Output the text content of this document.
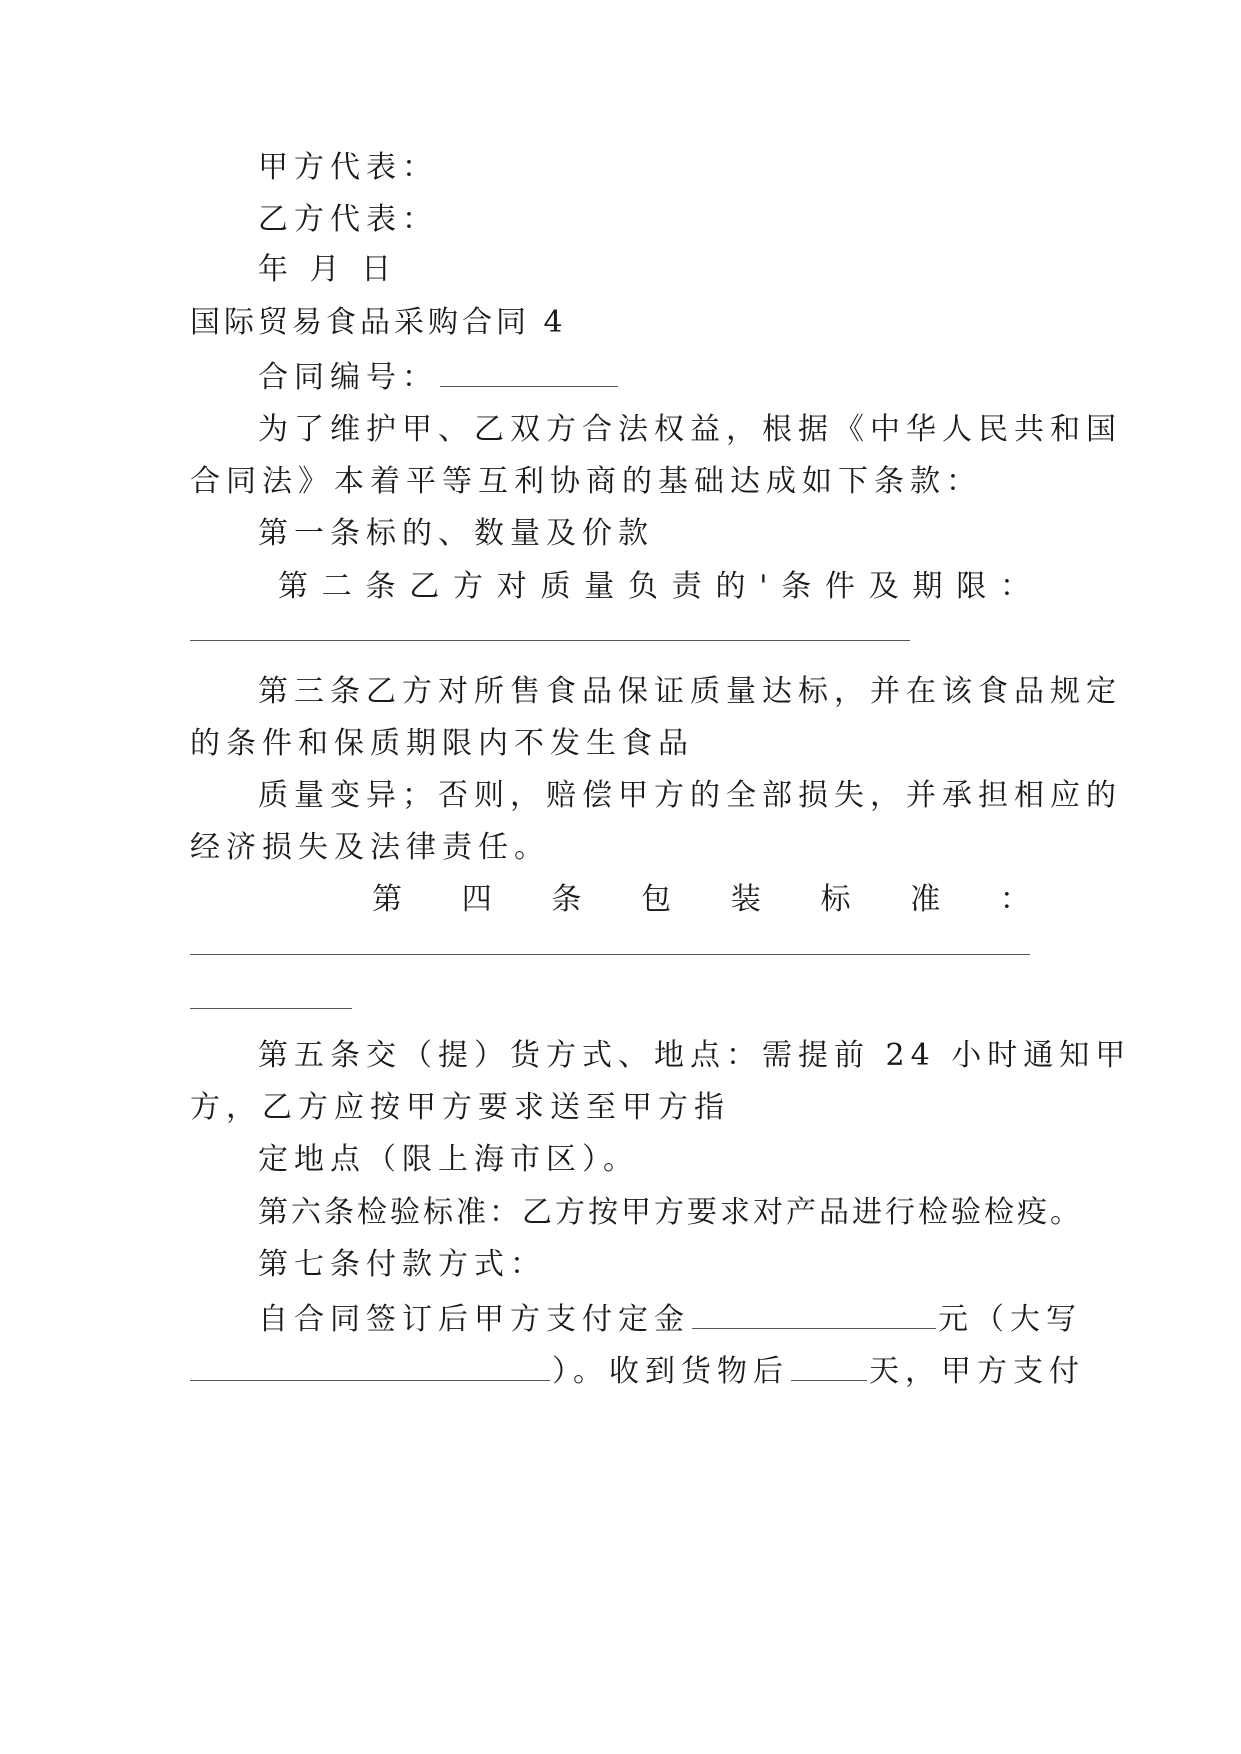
甲方代表：
乙方代表：
年 月 日
国际贸易食品采购合同 4
合同编号：
为了维护甲、乙双方合法权益，根据《中华人民共和国
合同法》本着平等互利协商的基础达成如下条款：
第一条标的、数量及价款
第 二 条 乙 方 对 质 量 负 责 的 ' 条 件 及 期 限 ：
第三条乙方对所售食品保证质量达标，并在该食品规定
的条件和保质期限内不发生食品
质量变异；否则，赔偿甲方的全部损失，并承担相应的
经济损失及法律责任。
第 四 条 包 装 标 准 ：
第五条交（提）货方式、地点：需提前 24 小时通知甲
方，乙方应按甲方要求送至甲方指
定地点（限上海市区）。
第六条检验标准：乙方按甲方要求对产品进行检验检疫。
第七条付款方式：
自合同签订后甲方支付定金	元（大写
）。收到货物后	天，甲方支付
